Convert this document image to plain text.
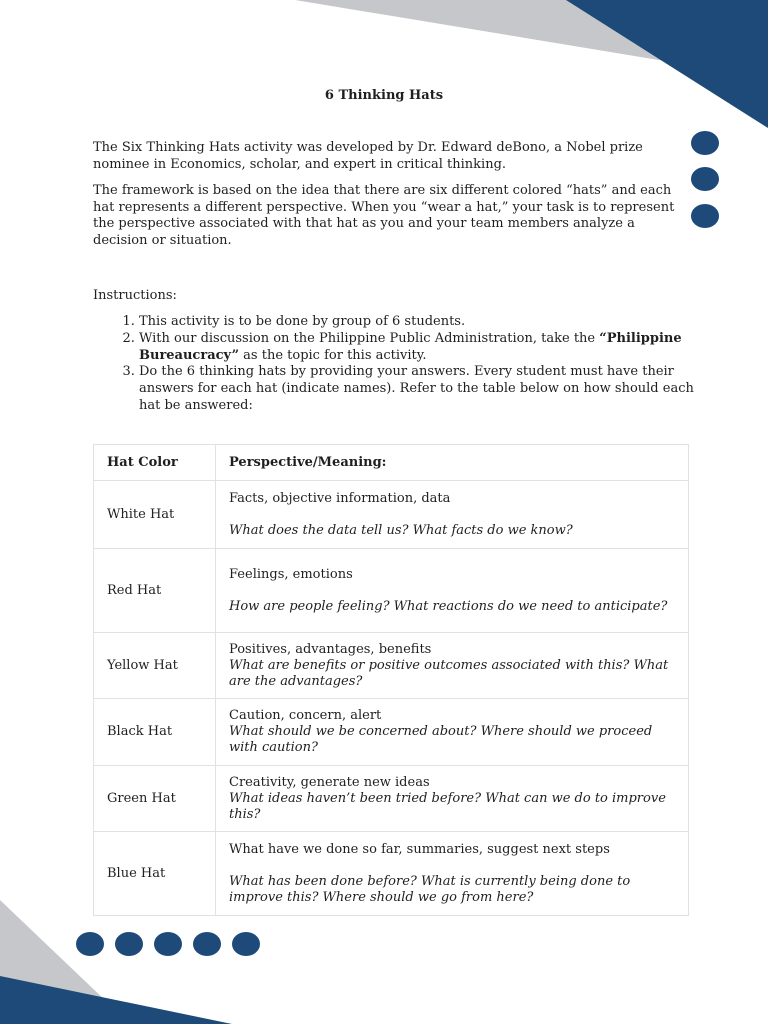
6 Thinking Hats

The Six Thinking Hats activity was developed by Dr. Edward deBono, a Nobel prize nominee in Economics, scholar, and expert in critical thinking.

The framework is based on the idea that there are six different colored “hats” and each hat represents a different perspective. When you “wear a hat,” your task is to represent the perspective associated with that hat as you and your team members analyze a decision or situation.

Instructions:
1. This activity is to be done by group of 6 students.
2. With our discussion on the Philippine Public Administration, take the “Philippine Bureaucracy” as the topic for this activity.
3. Do the 6 thinking hats by providing your answers. Every student must have their answers for each hat (indicate names). Refer to the table below on how should each hat be answered:
Hat Color	Perspective/Meaning:
White Hat	Facts, objective information, data
What does the data tell us? What facts do we know?

Red Hat	Feelings, emotions
How are people feeling? What reactions do we need to anticipate?

Yellow Hat	Positives, advantages, benefits
What are benefits or positive outcomes associated with this? What are the advantages?

Black Hat	Caution, concern, alert
What should we be concerned about? Where should we proceed with caution?

Green Hat	Creativity, generate new ideas
What ideas haven’t been tried before? What can we do to improve this?

Blue Hat	What have we done so far, summaries, suggest next steps
What has been done before? What is currently being done to improve this? Where should we go from here?
